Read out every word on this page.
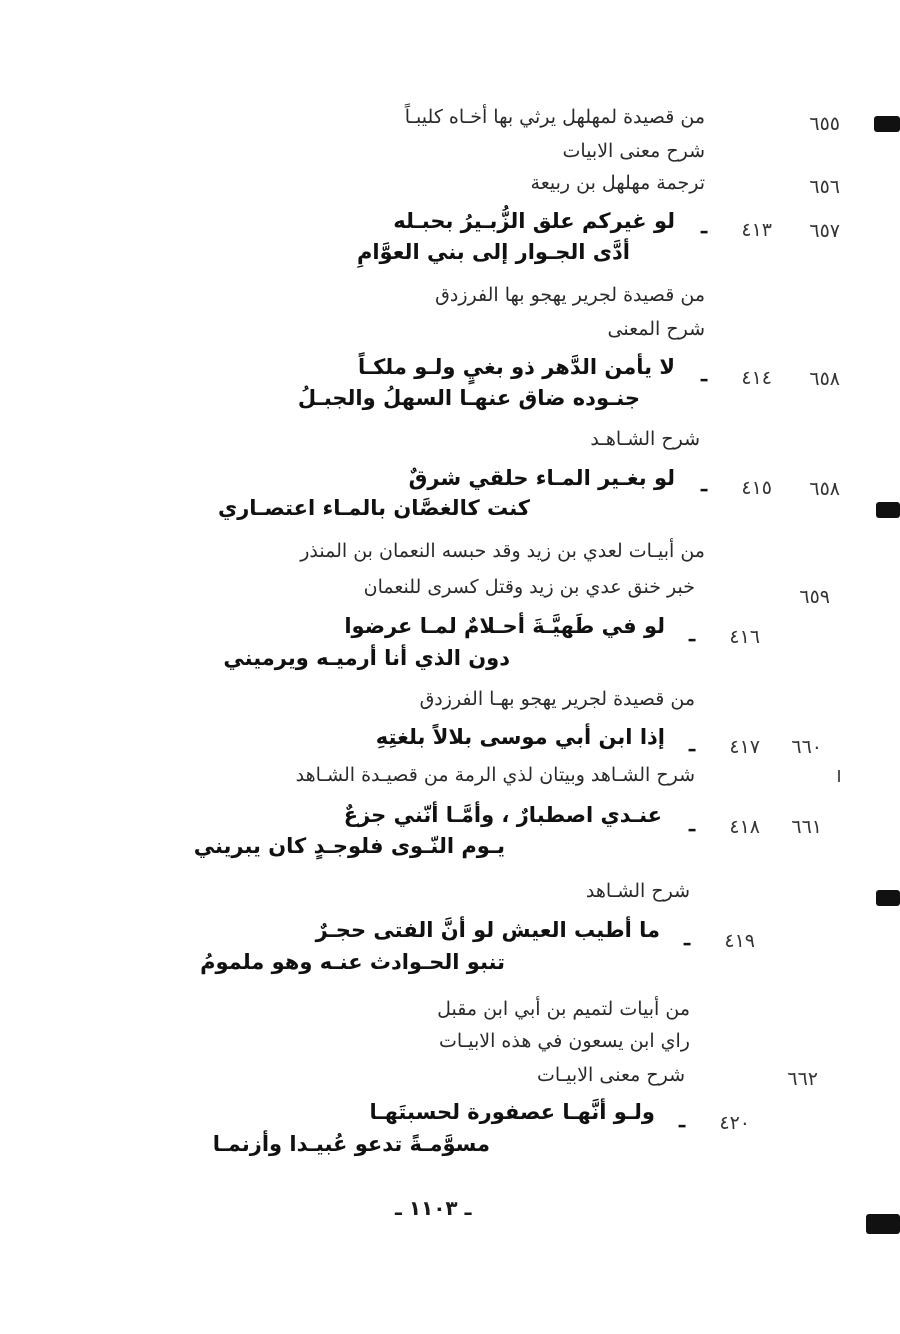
٦٥٥
من قصيدة لمهلهل يرثي بها أخـاه كليبـاً
شرح معنى الابيات
٦٥٦
ترجمة مهلهل بن ربيعة
٦٥٧
٤١٣
ـ
لو غيركم علق الزُّبـيرُ بحبـله
أدَّى الجـوار إلى بني العوَّامِ
من قصيدة لجرير يهجو بها الفرزدق
شرح المعنى
٦٥٨
٤١٤
ـ
لا يأمن الدَّهر ذو بغيٍ ولـو ملكـاً
جنـوده ضاق عنهـا السهلُ والجبـلُ
شرح الشـاهـد
٦٥٨
٤١٥
ـ
لو بغـير المـاء حلقي شرقٌ
كنت كالغصَّان بالمـاء اعتصـاري
من أبيـات لعدي بن زيد وقد حبسه النعمان بن المنذر
خبر خنق عدي بن زيد وقتل كسرى للنعمان	٦٥٩
٤١٦
ـ
لو في طَهيَّـةَ أحـلامٌ لمـا عرضوا
دون الذي أنا أرميـه ويرميني
من قصيدة لجرير يهجو بهـا الفرزدق
٦٦٠
٤١٧
ـ
إذا ابن أبي موسى بلالاً بلغتِهِ
شرح الشـاهد وبيتان لذي الرمة من قصيـدة الشـاهد
٦٦١
٤١٨
ـ
عنـدي اصطبارٌ ، وأمَّـا أنّني جزعٌ
يـوم النّـوى فلوجـدٍ كان يبريني
شرح الشـاهد
٤١٩
ـ
ما أطيب العيش لو أنَّ الفتى حجـرٌ
تنبو الحـوادث عنـه وهو ملمومُ
من أبيات لتميم بن أبي ابن مقبل
راي ابن يسعون في هذه الابيـات
٦٦٢
شرح معنى الابيـات
٤٢٠
ـ
ولـو أنَّهـا عصفورة لحسبتَهـا
مسوَّمـةً تدعو عُبيـدا وأزنمـا
ـ ١١٠٣ ـ
